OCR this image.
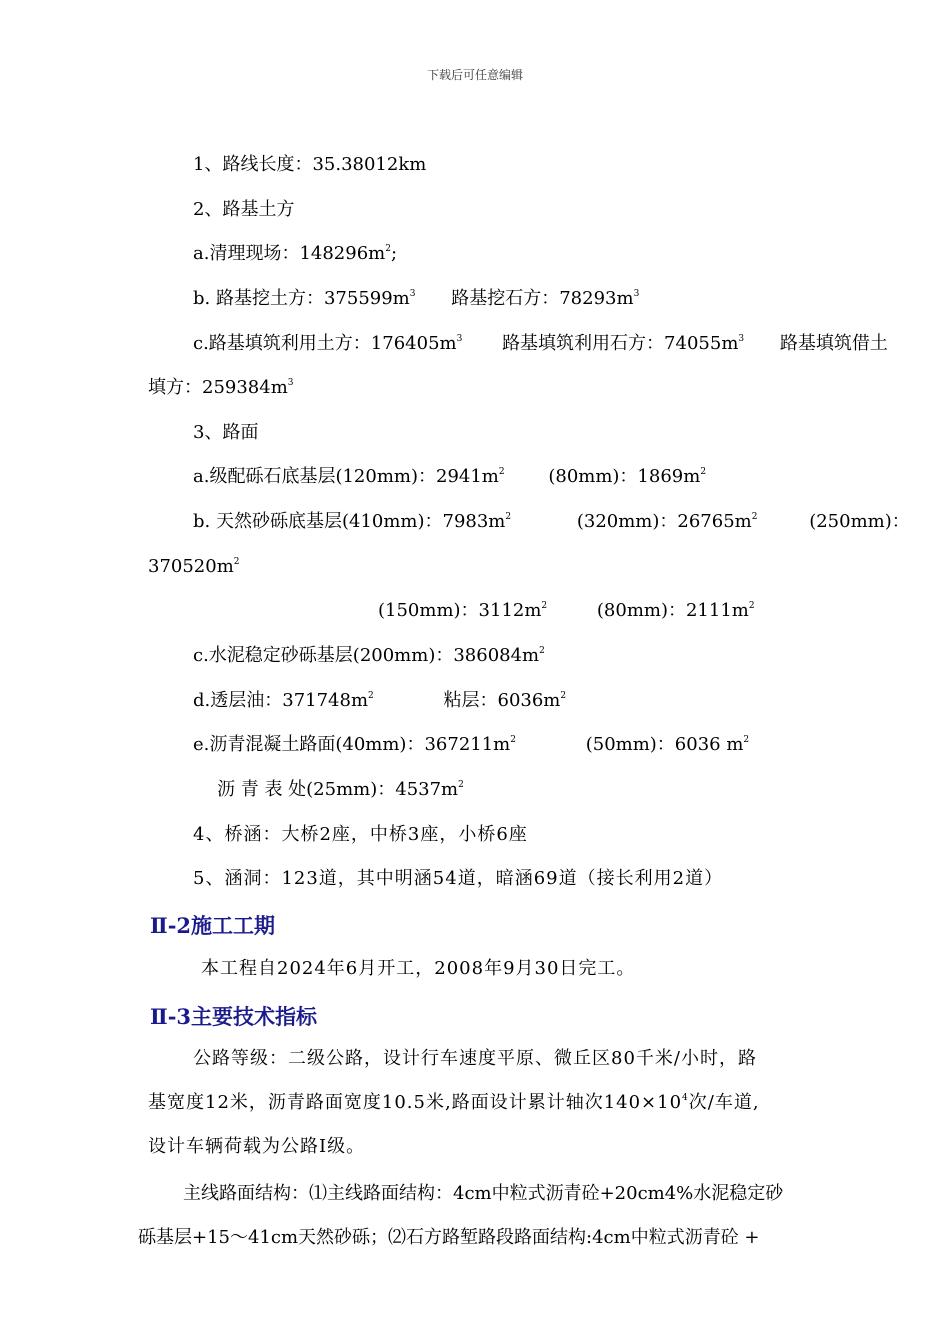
下载后可任意编辑
1、路线长度：35.38012km
2、路基土方
a.清理现场：$148296m^2$;
b. 路基挖土方：$375599m^3$ 路基挖石方：$78293m^3$
c.路基填筑利用土方：$176405m^3$ 路基填筑利用石方：$74055m^3$ 路基填筑借土
填方：$259384m^3$
3、路面
a.级配砾石底基层(120mm)：$2941m^2$ (80mm)：$1869m^2$
b. 天然砂砾底基层(410mm)：$7983m^2$	(320mm)：$26765m^2$	(250mm)：
$370520m^2$
(150mm)：$3112m^2$	(80mm)：$2111m^2$
c.水泥稳定砂砾基层(200mm)：$386084m^2$
d.透层油：$371748m^2$	粘层：$6036m^2$
e.沥青混凝土路面(40mm)：$367211m^2$	(50mm)：6036 $m^2$
沥 青 表 处(25mm)：$4537m^2$
4、桥涵：大桥2座，中桥3座，小桥6座
5、涵洞：123道，其中明涵54道，暗涵69道（接长利用2道）
Ⅱ-2施工工期
本工程自2024年6月开工，2008年9月30日完工。
Ⅱ-3主要技术指标
公路等级：二级公路，设计行车速度平原、微丘区80千米/小时，路
基宽度12米，沥青路面宽度10.5米,路面设计累计轴次$140\times 10^4$次/车道,
设计车辆荷载为公路Ⅰ级。
主线路面结构：⑴主线路面结构：4cm中粒式沥青砼+20cm4%水泥稳定砂
砾基层+15～41cm天然砂砾；⑵石方路堑路段路面结构:4cm中粒式沥青砼 +
